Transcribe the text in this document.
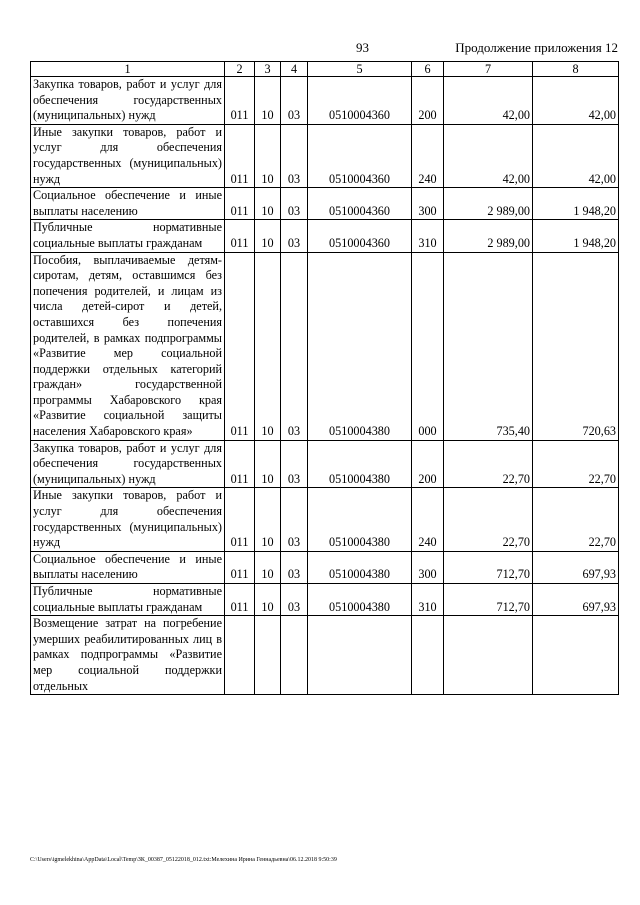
93	Продолжение приложения 12
1	2	3	4	5	6	7	8
Закупка товаров, работ и услуг для обеспечения государственных (муниципальных) нужд	011	10	03	0510004360	200	42,00	42,00
Иные закупки товаров, работ и услуг для обеспечения государственных (муниципальных) нужд	011	10	03	0510004360	240	42,00	42,00
Социальное обеспечение и иные выплаты населению	011	10	03	0510004360	300	2 989,00	1 948,20
Публичные нормативные социальные выплаты гражданам	011	10	03	0510004360	310	2 989,00	1 948,20
Пособия, выплачиваемые детям-сиротам, детям, оставшимся без попечения родителей, и лицам из числа детей-сирот и детей, оставшихся без попечения родителей, в рамках подпрограммы «Развитие мер социальной поддержки отдельных категорий граждан» государственной программы Хабаровского края «Развитие социальной защиты населения Хабаровского края»	011	10	03	0510004380	000	735,40	720,63
Закупка товаров, работ и услуг для обеспечения государственных (муниципальных) нужд	011	10	03	0510004380	200	22,70	22,70
Иные закупки товаров, работ и услуг для обеспечения государственных (муниципальных) нужд	011	10	03	0510004380	240	22,70	22,70
Социальное обеспечение и иные выплаты населению	011	10	03	0510004380	300	712,70	697,93
Публичные нормативные социальные выплаты гражданам	011	10	03	0510004380	310	712,70	697,93
Возмещение затрат на погребение умерших реабилитированных лиц в рамках подпрограммы «Развитие мер социальной поддержки отдельных							
C:\Users\igmelekhina\AppData\Local\Temp\ЗК_00387_05122018_012.txt:Мелехина Ирина Геннадьевна\06.12.2018 9:50:39
